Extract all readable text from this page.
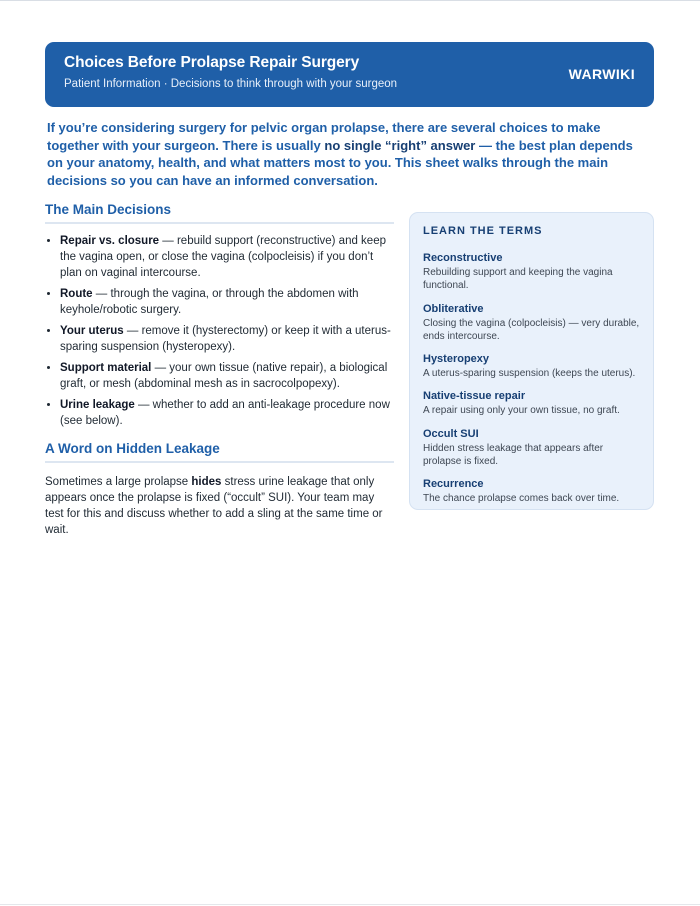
Choices Before Prolapse Repair Surgery
Patient Information · Decisions to think through with your surgeon
WARWIKI
If you’re considering surgery for pelvic organ prolapse, there are several choices to make together with your surgeon. There is usually no single “right” answer — the best plan depends on your anatomy, health, and what matters most to you. This sheet walks through the main decisions so you can have an informed conversation.
The Main Decisions
• Repair vs. closure — rebuild support (reconstructive) and keep the vagina open, or close the vagina (colpocleisis) if you don’t plan on vaginal intercourse.
• Route — through the vagina, or through the abdomen with keyhole/robotic surgery.
• Your uterus — remove it (hysterectomy) or keep it with a uterus-sparing suspension (hysteropexy).
• Support material — your own tissue (native repair), a biological graft, or mesh (abdominal mesh as in sacrocolpopexy).
• Urine leakage — whether to add an anti-leakage procedure now (see below).
A Word on Hidden Leakage
Sometimes a large prolapse hides stress urine leakage that only appears once the prolapse is fixed (“occult” SUI). Your team may test for this and discuss whether to add a sling at the same time or wait.
LEARN THE TERMS
Reconstructive
Rebuilding support and keeping the vagina functional.
Obliterative
Closing the vagina (colpocleisis) — very durable, ends intercourse.
Hysteropexy
A uterus-sparing suspension (keeps the uterus).
Native-tissue repair
A repair using only your own tissue, no graft.
Occult SUI
Hidden stress leakage that appears after prolapse is fixed.
Recurrence
The chance prolapse comes back over time.
